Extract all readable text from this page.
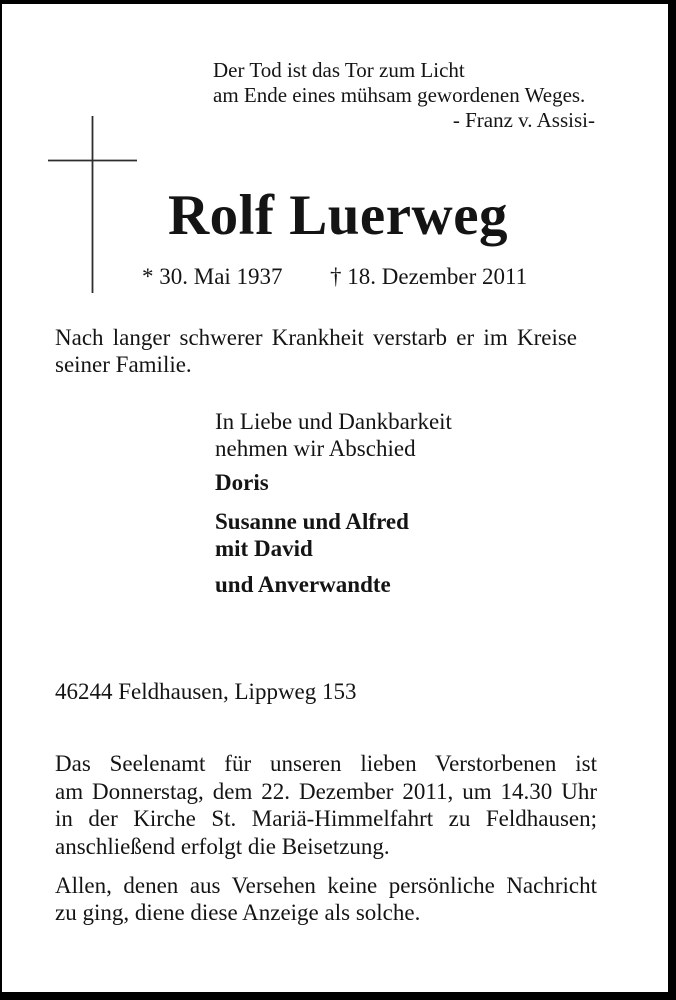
Der Tod ist das Tor zum Licht
am Ende eines mühsam gewordenen Weges.
- Franz v. Assisi-
Rolf Luerweg
* 30. Mai 1937 † 18. Dezember 2011
Nach langer schwerer Krankheit verstarb er im Kreise
seiner Familie.
In Liebe und Dankbarkeit
nehmen wir Abschied
Doris
Susanne und Alfred
mit David
und Anverwandte
46244 Feldhausen, Lippweg 153
Das Seelenamt für unseren lieben Verstorbenen ist
am Donnerstag, dem 22. Dezember 2011, um 14.30 Uhr
in der Kirche St. Mariä-Himmelfahrt zu Feldhausen;
anschließend erfolgt die Beisetzung.
Allen, denen aus Versehen keine persönliche Nachricht
zu ging, diene diese Anzeige als solche.
